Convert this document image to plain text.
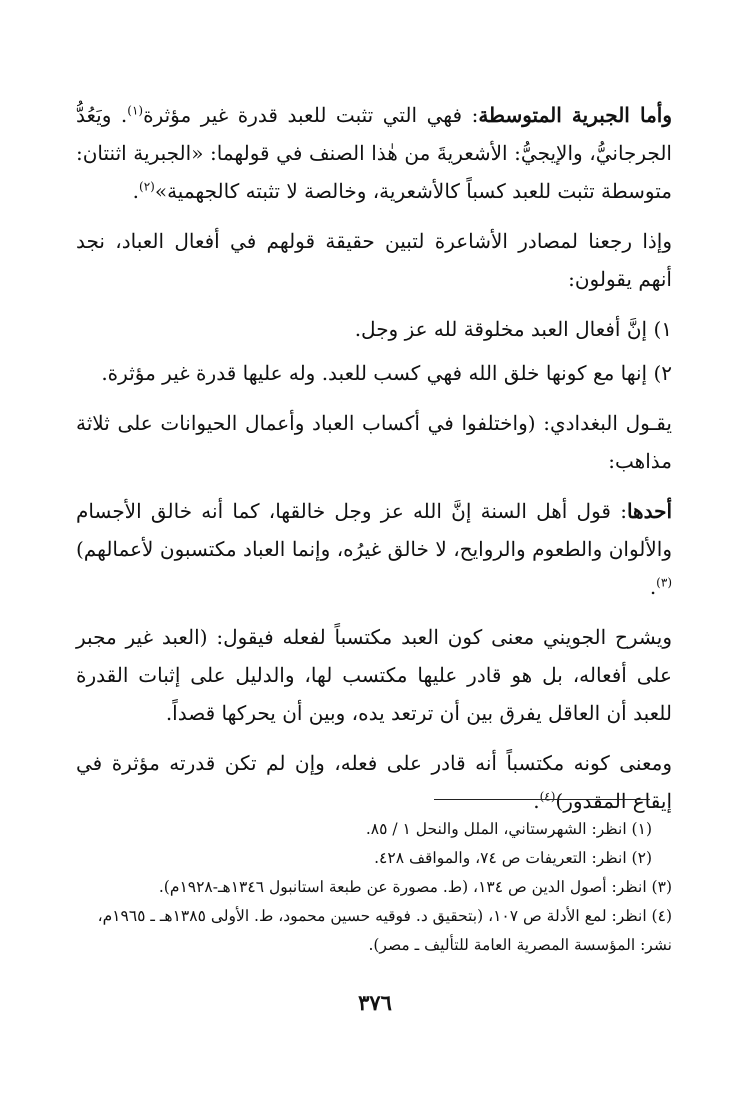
وأما الجبرية المتوسطة: فهي التي تثبت للعبد قدرة غير مؤثرة$^{(١)}$. ويَعُدُّ الجرجانيُّ، والإيجيُّ: الأشعريةَ من هٰذا الصنف في قولهما: «الجبرية اثنتان: متوسطة تثبت للعبد كسباً كالأشعرية، وخالصة لا تثبته كالجهمية»$^{(٢)}$.

وإذا رجعنا لمصادر الأشاعرة لتبين حقيقة قولهم في أفعال العباد، نجد أنهم يقولون:

١) إنَّ أفعال العبد مخلوقة لله عز وجل.

٢) إنها مع كونها خلق الله فهي كسب للعبد. وله عليها قدرة غير مؤثرة.

يقـول البغدادي: (واختلفوا في أكساب العباد وأعمال الحيوانات على ثلاثة مذاهب:

أحدها: قول أهل السنة إنَّ الله عز وجل خالقها، كما أنه خالق الأجسام والألوان والطعوم والروايح، لا خالق غيرُه، وإنما العباد مكتسبون لأعمالهم)$^{(٣)}$.

ويشرح الجويني معنى كون العبد مكتسباً لفعله فيقول: (العبد غير مجبر على أفعاله، بل هو قادر عليها مكتسب لها، والدليل على إثبات القدرة للعبد أن العاقل يفرق بين أن ترتعد يده، وبين أن يحركها قصداً.

ومعنى كونه مكتسباً أنه قادر على فعله، وإن لم تكن قدرته مؤثرة في إيقاع المقدور)$^{(٤)}$.

(١) انظر: الشهرستاني، الملل والنحل ١ / ٨٥.

(٢) انظر: التعريفات ص ٧٤، والمواقف ٤٢٨.

(٣) انظر: أصول الدين ص ١٣٤، (ط. مصورة عن طبعة استانبول ١٣٤٦هـ-١٩٢٨م).

(٤) انظر: لمع الأدلة ص ١٠٧، (بتحقيق د. فوقيه حسين محمود، ط. الأولى ١٣٨٥هـ ـ ١٩٦٥م، نشر: المؤسسة المصرية العامة للتأليف ـ مصر).

٣٧٦
